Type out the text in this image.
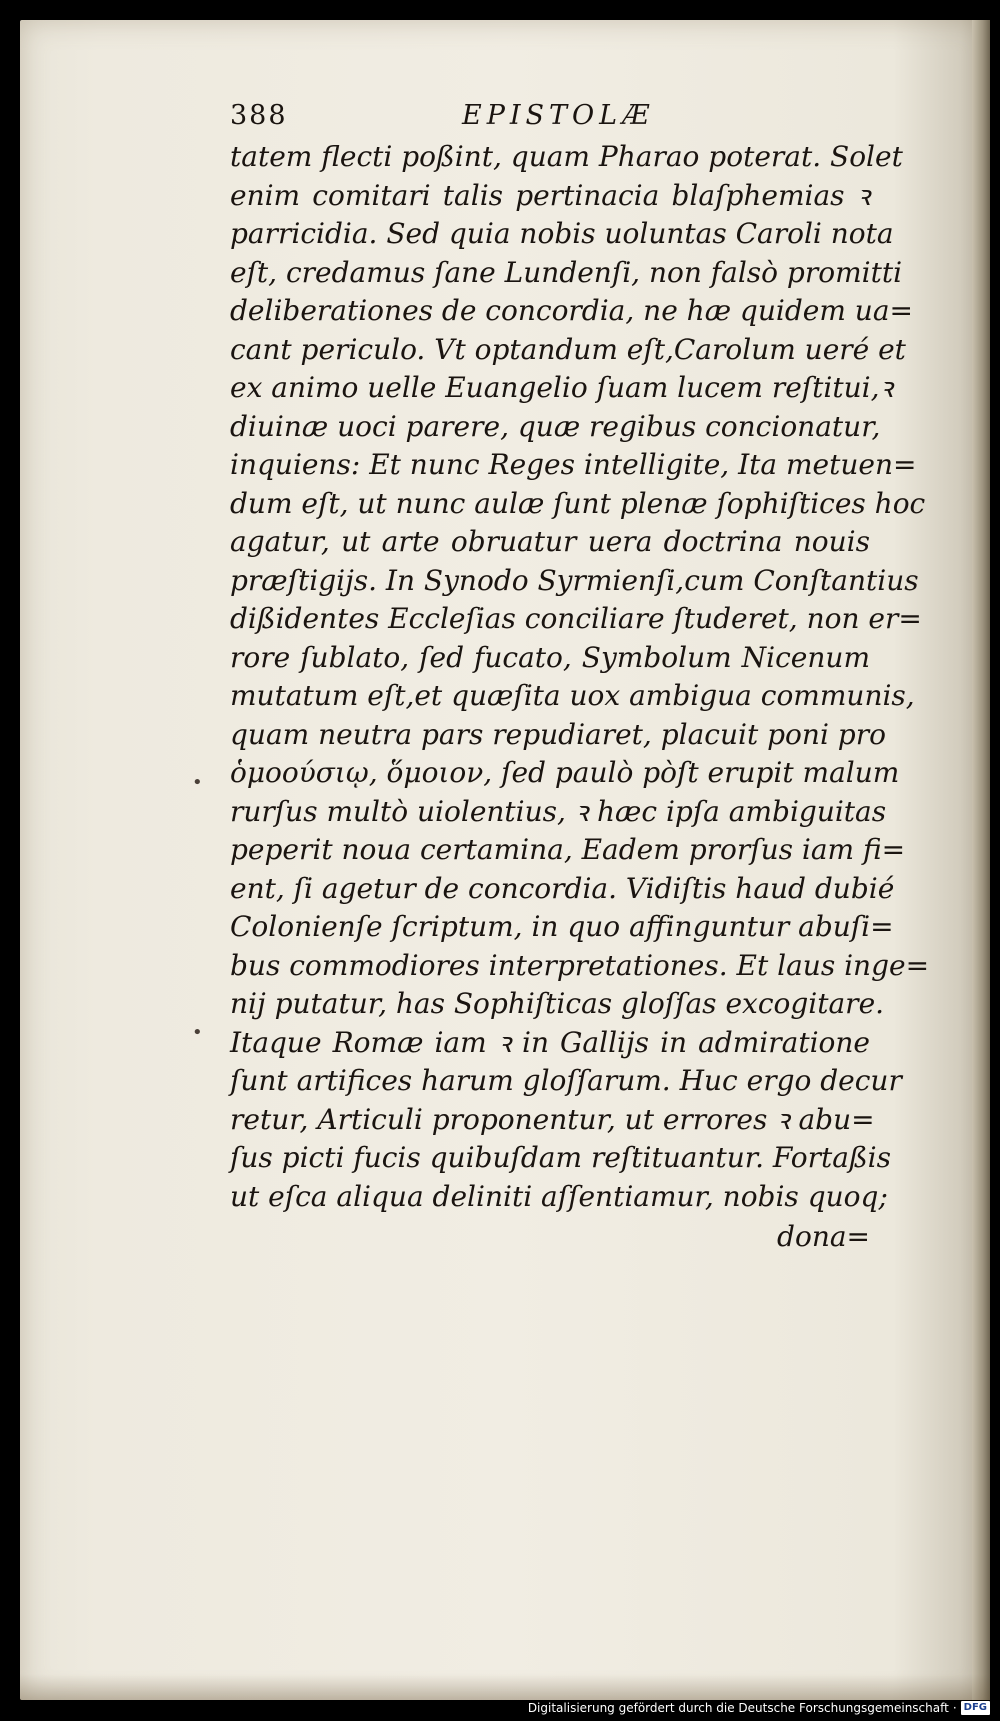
388	EPISTOLÆ
tatem flecti poßint, quam Pharao poterat. Solet
enim comitari talis pertinacia blaſphemias ꝛ
parricidia. Sed quia nobis uoluntas Caroli nota
eſt, credamus ſane Lundenſi, non falsò promitti
deliberationes de concordia, ne hæ quidem ua=
cant periculo. Vt optandum eſt,Carolum ueré et
ex animo uelle Euangelio ſuam lucem reſtitui,ꝛ
diuinæ uoci parere, quæ regibus concionatur,
inquiens: Et nunc Reges intelligite, Ita metuen=
dum eſt, ut nunc aulæ ſunt plenæ ſophiſtices hoc
agatur, ut arte obruatur uera doctrina nouis
præſtigijs. In Synodo Syrmienſi,cum Conſtantius
dißidentes Eccleſias conciliare ſtuderet, non er=
rore ſublato, ſed fucato, Symbolum Nicenum
mutatum eſt,et quæſita uox ambigua communis,
quam neutra pars repudiaret, placuit poni pro
ὁμοούσιῳ, ὅμοιον, ſed paulò pòſt erupit malum
rurſus multò uiolentius, ꝛ hæc ipſa ambiguitas
peperit noua certamina, Eadem prorſus iam fi=
ent, ſi agetur de concordia. Vidiſtis haud dubié
Colonienſe ſcriptum, in quo affinguntur abuſi=
bus commodiores interpretationes. Et laus inge=
nij putatur, has Sophiſticas gloſſas excogitare.
Itaque Romæ iam ꝛ in Gallijs in admiratione
ſunt artifices harum gloſſarum. Huc ergo decur
retur, Articuli proponentur, ut errores ꝛ abu=
ſus picti fucis quibuſdam reſtituantur. Fortaßis
ut eſca aliqua deliniti aſſentiamur, nobis quoq;
dona=
•
•
Digitalisierung gefördert durch die Deutsche Forschungsgemeinschaft · DFG
